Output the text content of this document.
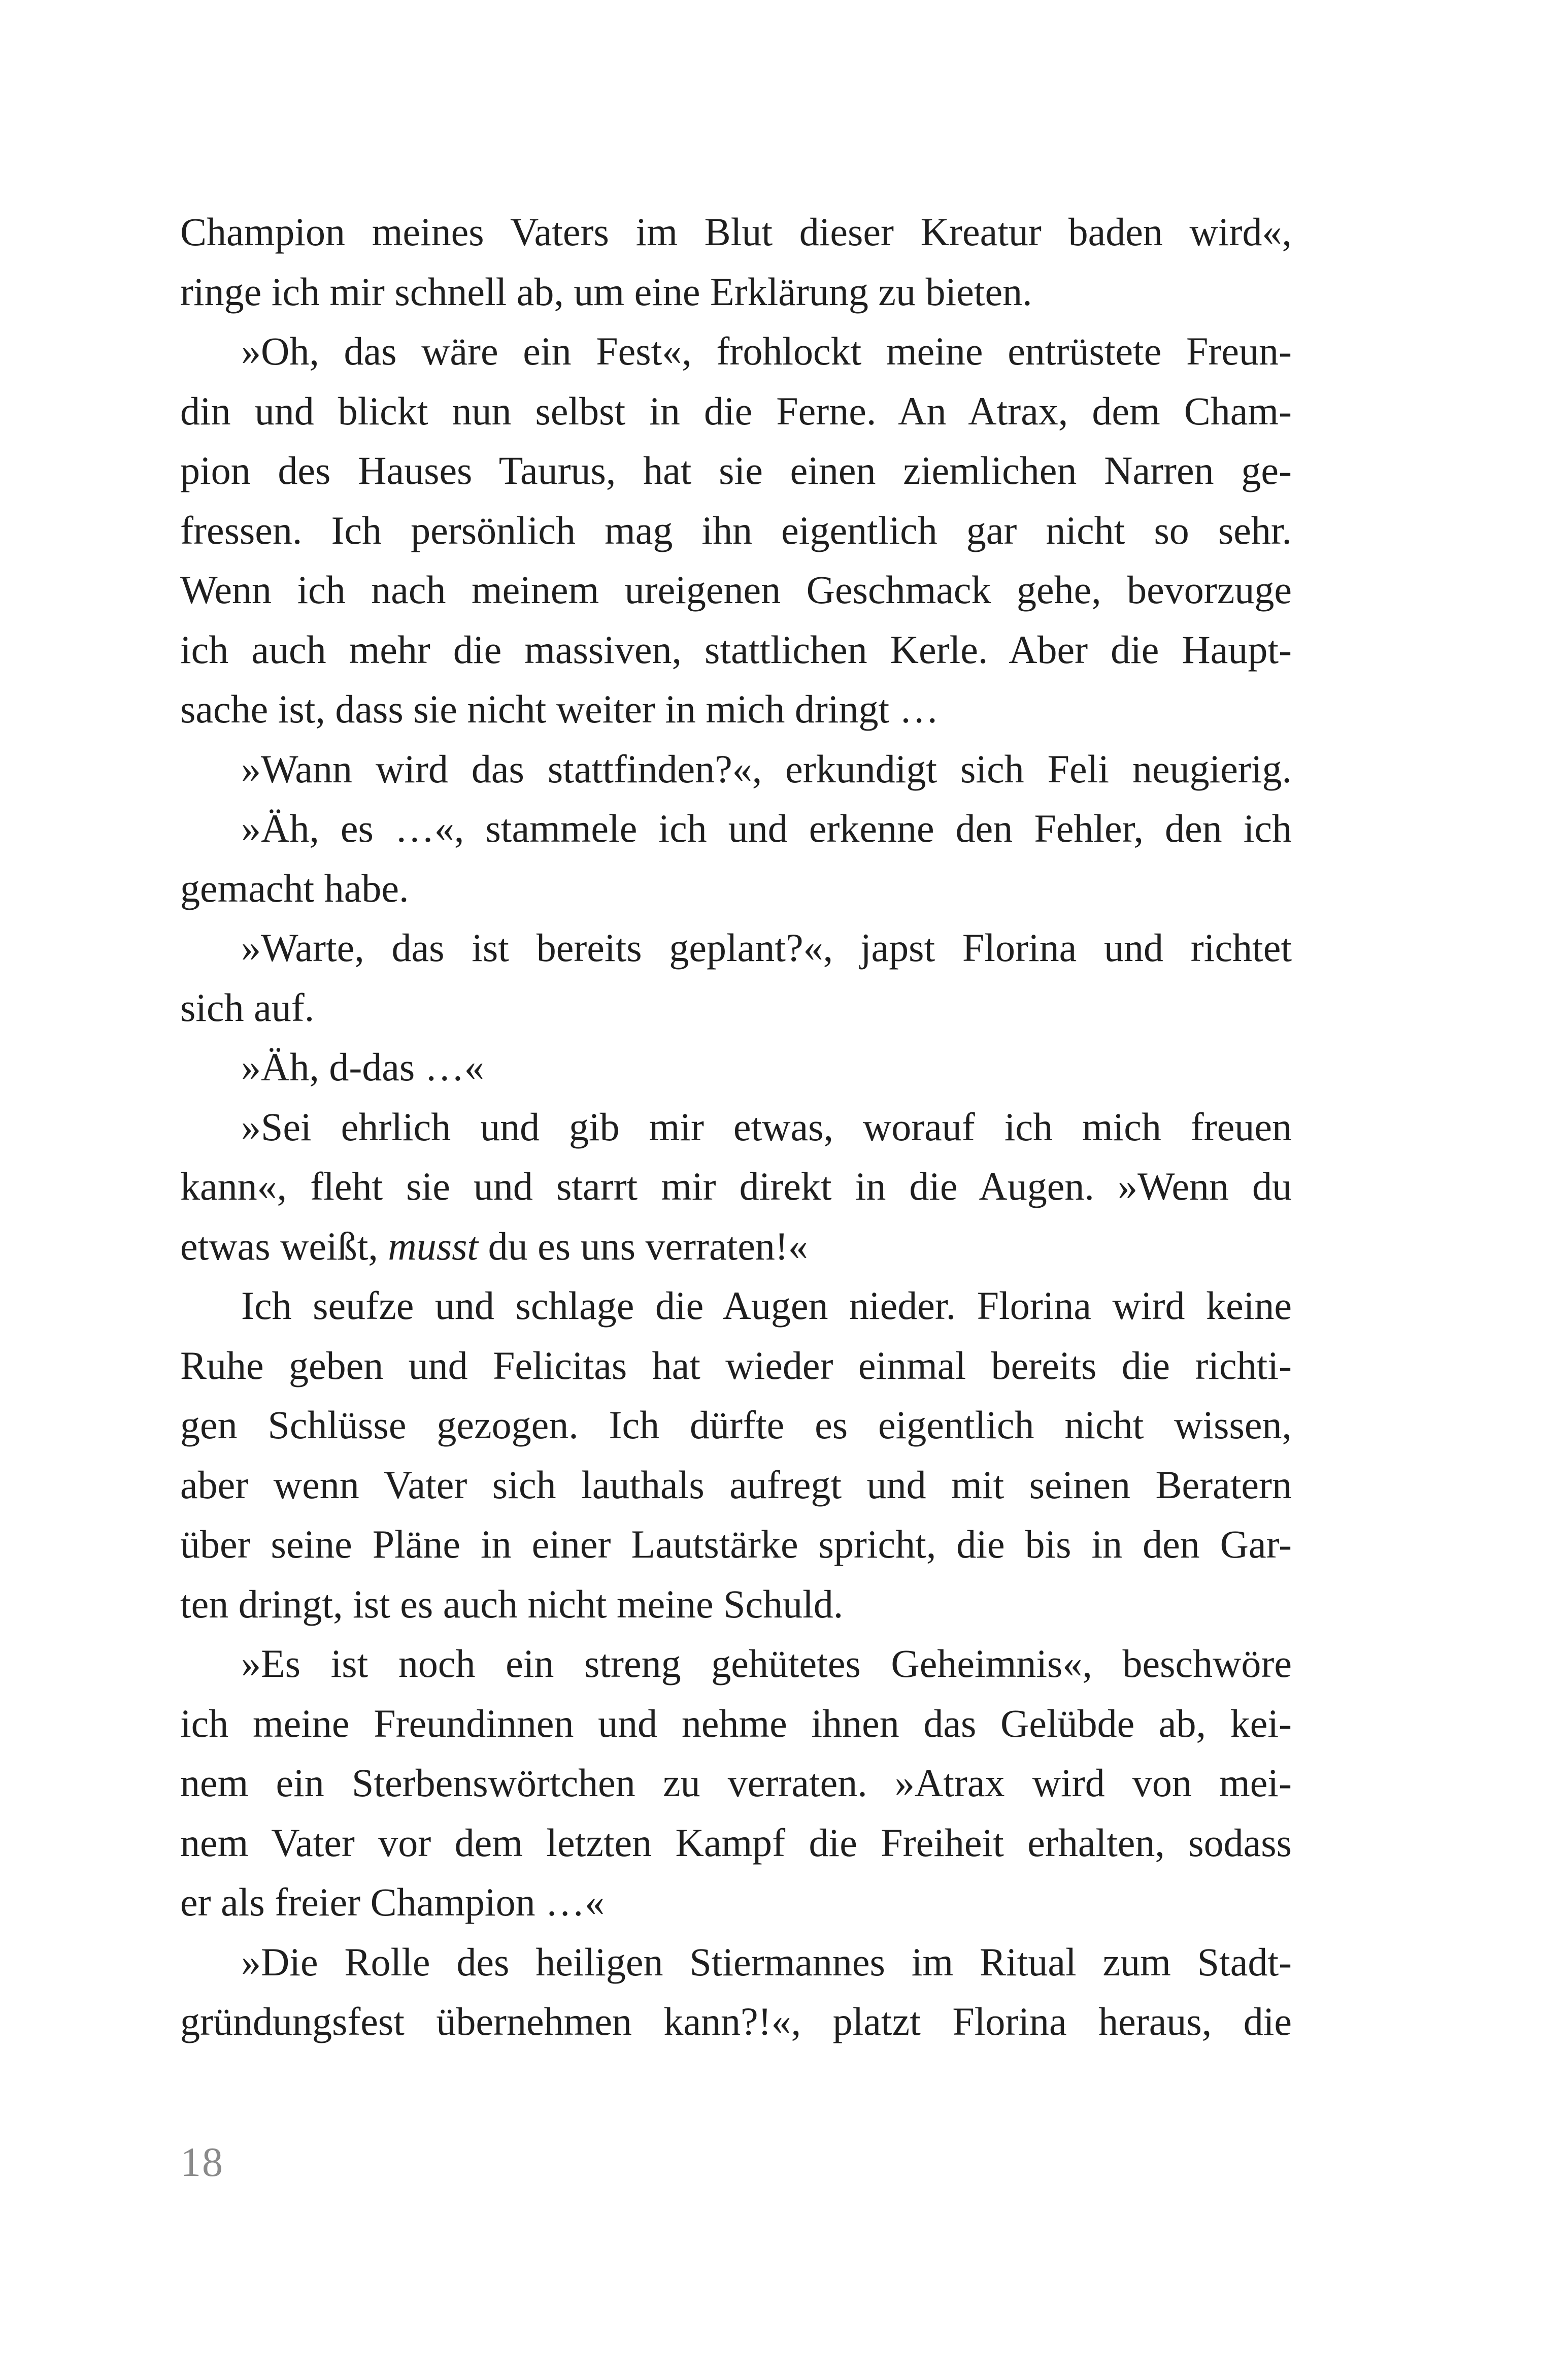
Champion meines Vaters im Blut dieser Kreatur baden wird«,
ringe ich mir schnell ab, um eine Erklärung zu bieten.
»Oh, das wäre ein Fest«, frohlockt meine entrüstete Freun-
din und blickt nun selbst in die Ferne. An Atrax, dem Cham-
pion des Hauses Taurus, hat sie einen ziemlichen Narren ge-
fressen. Ich persönlich mag ihn eigentlich gar nicht so sehr.
Wenn ich nach meinem ureigenen Geschmack gehe, bevorzuge
ich auch mehr die massiven, stattlichen Kerle. Aber die Haupt-
sache ist, dass sie nicht weiter in mich dringt …
»Wann wird das stattfinden?«, erkundigt sich Feli neugierig.
»Äh, es …«, stammele ich und erkenne den Fehler, den ich
gemacht habe.
»Warte, das ist bereits geplant?«, japst Florina und richtet
sich auf.
»Äh, d-das …«
»Sei ehrlich und gib mir etwas, worauf ich mich freuen
kann«, fleht sie und starrt mir direkt in die Augen. »Wenn du
etwas weißt, musst du es uns verraten!«
Ich seufze und schlage die Augen nieder. Florina wird keine
Ruhe geben und Felicitas hat wieder einmal bereits die richti-
gen Schlüsse gezogen. Ich dürfte es eigentlich nicht wissen,
aber wenn Vater sich lauthals aufregt und mit seinen Beratern
über seine Pläne in einer Lautstärke spricht, die bis in den Gar-
ten dringt, ist es auch nicht meine Schuld.
»Es ist noch ein streng gehütetes Geheimnis«, beschwöre
ich meine Freundinnen und nehme ihnen das Gelübde ab, kei-
nem ein Sterbenswörtchen zu verraten. »Atrax wird von mei-
nem Vater vor dem letzten Kampf die Freiheit erhalten, sodass
er als freier Champion …«
»Die Rolle des heiligen Stiermannes im Ritual zum Stadt-
gründungsfest übernehmen kann?!«, platzt Florina heraus, die
18
